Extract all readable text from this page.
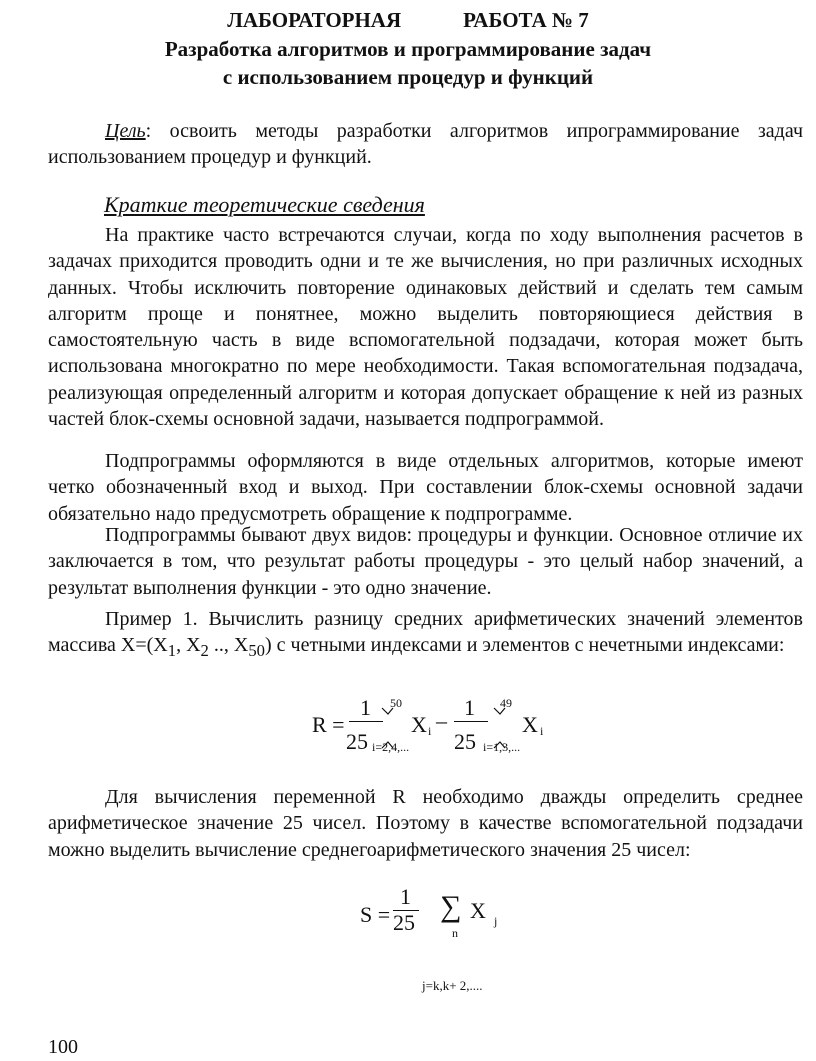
ЛАБОРАТОРНАЯ	РАБОТА № 7
Разработка алгоритмов и программирование задач
с использованием процедур и функций

Цель: освоить методы разработки алгоритмов ипрограммирование задач использованием процедур и функций.

Краткие теоретические сведения

На практике часто встречаются случаи, когда по ходу выполнения расчетов в задачах приходится проводить одни и те же вычисления, но при различных исходных данных. Чтобы исключить повторение одинаковых действий и сделать тем самым алгоритм проще и понятнее, можно выделить повторяющиеся действия в самостоятельную часть в виде вспомогательной подзадачи, которая может быть использована многократно по мере необходимости. Такая вспомогательная подзадача, реализующая определенный алгоритм и которая допускает обращение к ней из разных частей блок-схемы основной задачи, называется подпрограммой.

Подпрограммы оформляются в виде отдельных алгоритмов, которые имеют четко обозначенный вход и выход. При составлении блок-схемы основной задачи обязательно надо предусмотреть обращение к подпрограмме.

Подпрограммы бывают двух видов: процедуры и функции. Основное отличие их заключается в том, что результат работы процедуры - это целый набор значений, а результат выполнения функции - это одно значение.

Пример 1. Вычислить разницу средних арифметических значений элементов массива $X=(X_1$, $X_2$ .., $X_{50}$) с четными индексами и элементов с нечетными индексами:

R =
1
25
50
i=2,4,...
X i –
1
25
49
i=1,3,...
X i

Для вычисления переменной R необходимо дважды определить среднее арифметическое значение 25 чисел. Поэтому в качестве вспомогательной подзадачи можно выделить вычисление среднегоарифметического значения 25 чисел:

S =
1
25 ∑
n
X j
j=k,k+ 2,....
100
